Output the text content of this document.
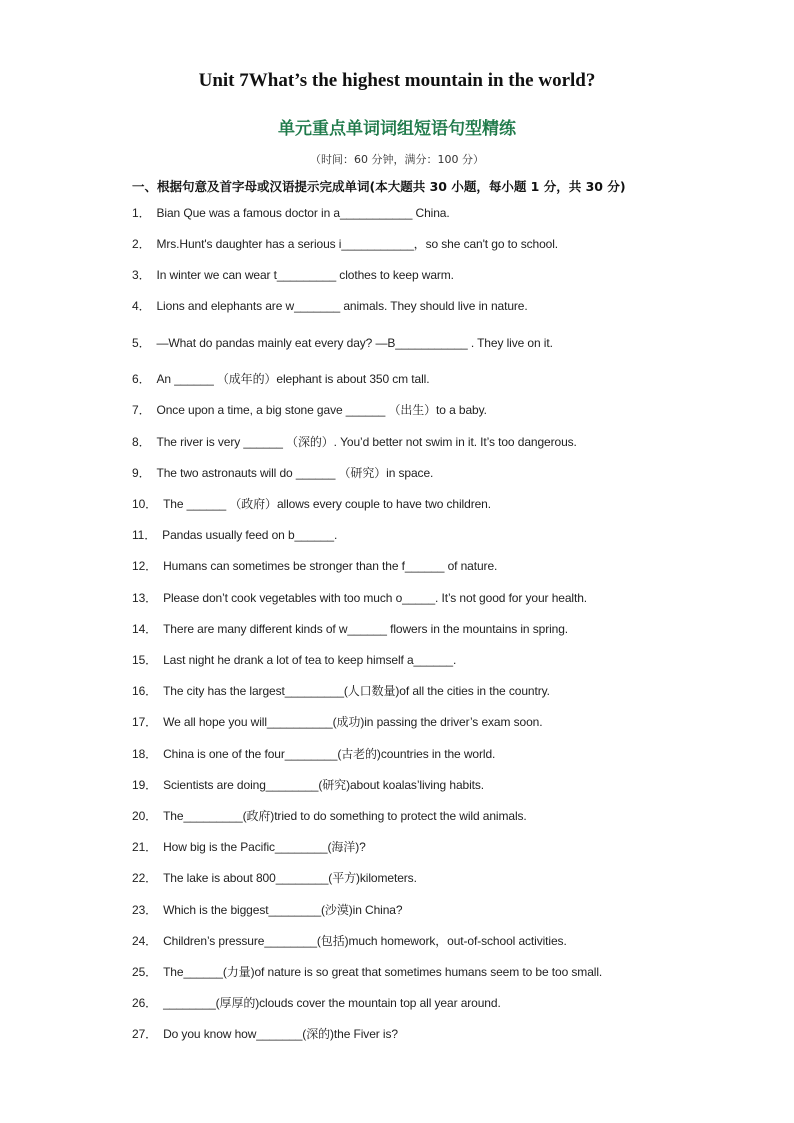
Unit 7What’s the highest mountain in the world?
单元重点单词词组短语句型精练
（时间：60 分钟，满分：100 分）
一、根据句意及首字母或汉语提示完成单词(本大题共 30 小题，每小题 1 分，共 30 分)
1． Bian Que was a famous doctor in a___________ China.
2． Mrs.Hunt's daughter has a serious i___________，so she can't go to school.
3． In winter we can wear t_________ clothes to keep warm.
4． Lions and elephants are w_______ animals. They should live in nature.
5． —What do pandas mainly eat every day? —B___________ . They live on it.
6． An ______ （成年的）elephant is about 350 cm tall.
7． Once upon a time, a big stone gave ______ （出生）to a baby.
8． The river is very ______ （深的）. You’d better not swim in it. It’s too dangerous.
9． The two astronauts will do ______ （研究）in space.
10． The ______ （政府）allows every couple to have two children.
11． Pandas usually feed on b______.
12． Humans can sometimes be stronger than the f______ of nature.
13． Please don’t cook vegetables with too much o_____. It’s not good for your health.
14． There are many different kinds of w______ flowers in the mountains in spring.
15． Last night he drank a lot of tea to keep himself a______.
16． The city has the largest_________(人口数量)of all the cities in the country.
17． We all hope you will__________(成功)in passing the driver’s exam soon.
18． China is one of the four________(古老的)countries in the world.
19． Scientists are doing________(研究)about koalas’living habits.
20． The_________(政府)tried to do something to protect the wild animals.
21． How big is the Pacific________(海洋)?
22． The lake is about 800________(平方)kilometers.
23． Which is the biggest________(沙漠)in China?
24． Children’s pressure________(包括)much homework，out-of-school activities.
25． The______(力量)of nature is so great that sometimes humans seem to be too small.
26． ________(厚厚的)clouds cover the mountain top all year around.
27． Do you know how_______(深的)the Fiver is?
